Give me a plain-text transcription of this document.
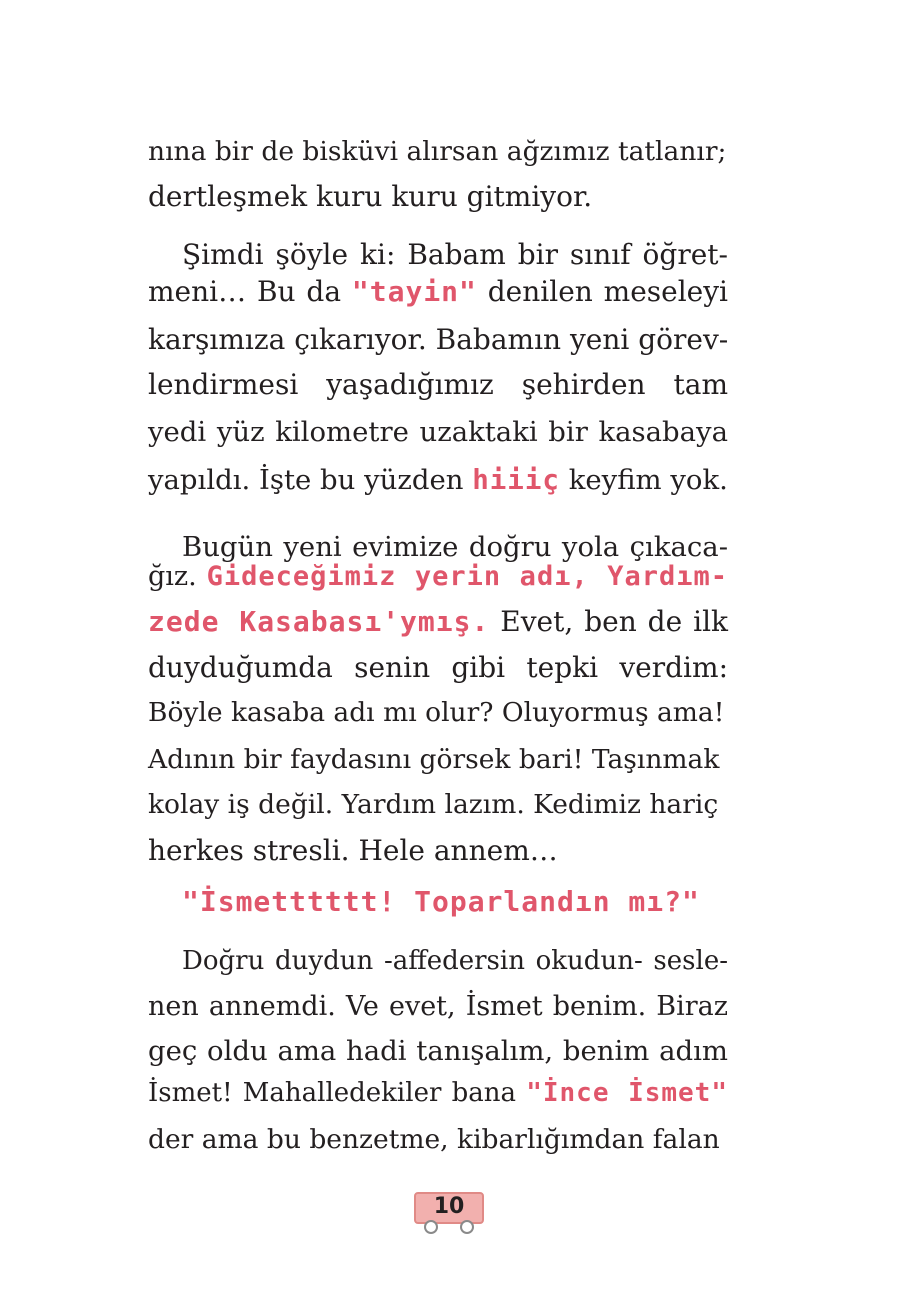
nına bir de bisküvi alırsan ağzımız tatlanır;
dertleşmek kuru kuru gitmiyor.
Şimdi şöyle ki: Babam bir sınıf öğret-
meni… Bu da "tayin" denilen meseleyi
karşımıza çıkarıyor. Babamın yeni görev-
lendirmesi yaşadığımız şehirden tam
yedi yüz kilometre uzaktaki bir kasabaya
yapıldı. İşte bu yüzden hiiiç keyfim yok.
Bugün yeni evimize doğru yola çıkaca-
ğız. Gideceğimiz yerin adı, Yardım-
zede Kasabası'ymış. Evet, ben de ilk
duyduğumda senin gibi tepki verdim:
Böyle kasaba adı mı olur? Oluyormuş ama!
Adının bir faydasını görsek bari! Taşınmak
kolay iş değil. Yardım lazım. Kedimiz hariç
herkes stresli. Hele annem…
"İsmetttttt! Toparlandın mı?"
Doğru duydun -affedersin okudun- sesle-
nen annemdi. Ve evet, İsmet benim. Biraz
geç oldu ama hadi tanışalım, benim adım
İsmet! Mahalledekiler bana "İnce İsmet"
der ama bu benzetme, kibarlığımdan falan
10
